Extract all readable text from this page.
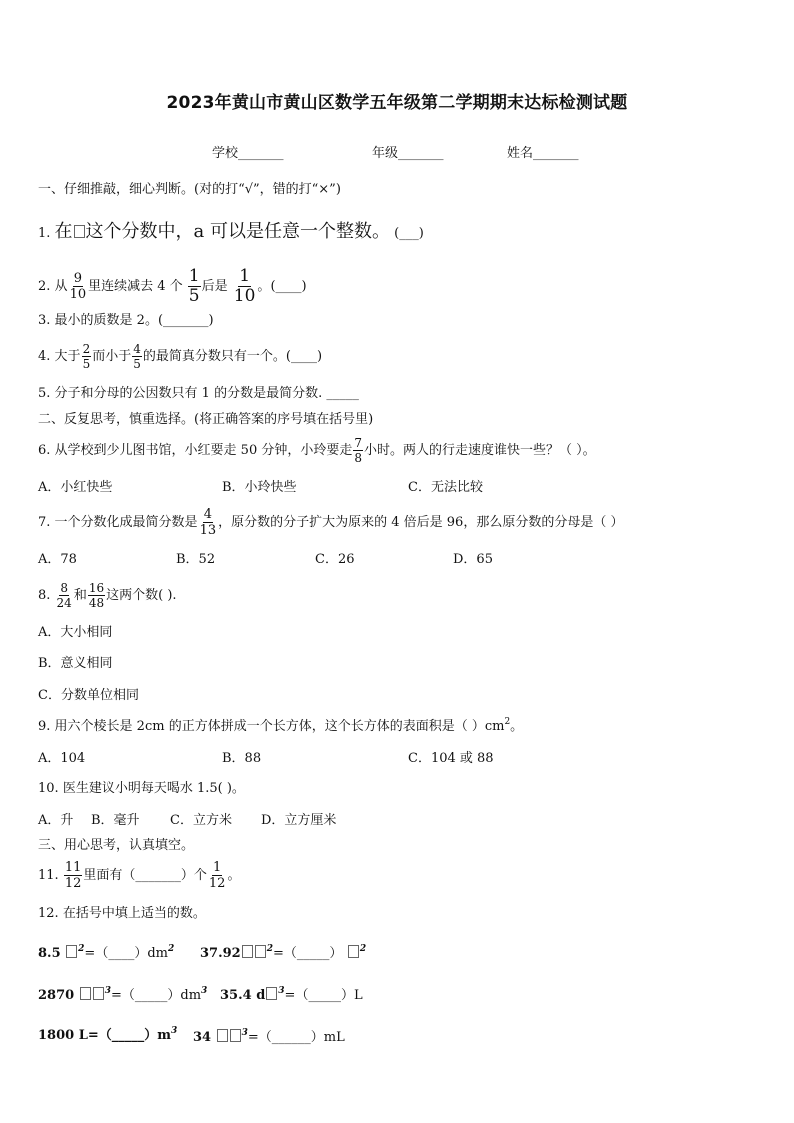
2023年黄山市黄山区数学五年级第二学期期末达标检测试题
学校_______	年级_______	姓名_______
一、仔细推敲，细心判断。(对的打“√”，错的打“×”)
1. 在 这个分数中，a 可以是任意一个整数。 (___)
2. 从 $\frac{9}{10}$ 里连续减去 4 个 $\frac{1}{5}$ 后是 $\frac{1}{10}$ 。(____)
3. 最小的质数是 2。(_______)
4. 大于 $\frac{2}{5}$ 而小于 $\frac{4}{5}$ 的最简真分数只有一个。(____)
5. 分子和分母的公因数只有 1 的分数是最简分数. _____
二、反复思考，慎重选择。(将正确答案的序号填在括号里)
6. 从学校到少儿图书馆，小红要走 50 分钟，小玲要走 $\frac{7}{8}$ 小时。两人的行走速度谁快一些？（ ）。
A．小红快些	B．小玲快些	C．无法比较
7. 一个分数化成最简分数是 $\frac{4}{13}$ ，原分数的分子扩大为原来的 4 倍后是 96，那么原分数的分母是（ ）
A．78	B．52	C．26	D．65
8. $\frac{8}{24}$ 和 $\frac{16}{48}$ 这两个数( ).
A．大小相同
B．意义相同
C．分数单位相同
9. 用六个棱长是 2cm 的正方体拼成一个长方体，这个长方体的表面积是（ ）$cm^2$。
A．104	B．88	C．104 或 88
10. 医生建议小明每天喝水 1.5( )。
A．升 B．毫升 C．立方米 D．立方厘米
三、用心思考，认真填空。
11. $\frac{11}{12}$ 里面有（_______）个 $\frac{1}{12}$ 。
12. 在括号中填上适当的数。
8.5 $^2=(\_\_\_\_)dm^2$ 37.92	$^2$=（_____） $^2$
2870	$^3=(\_\_\_\_\_)dm^3$ 35.4 d $^3$=（_____）L
1800 $L=(\_\_\_\_\_)m^3$ 34	$^3$=（______）mL
